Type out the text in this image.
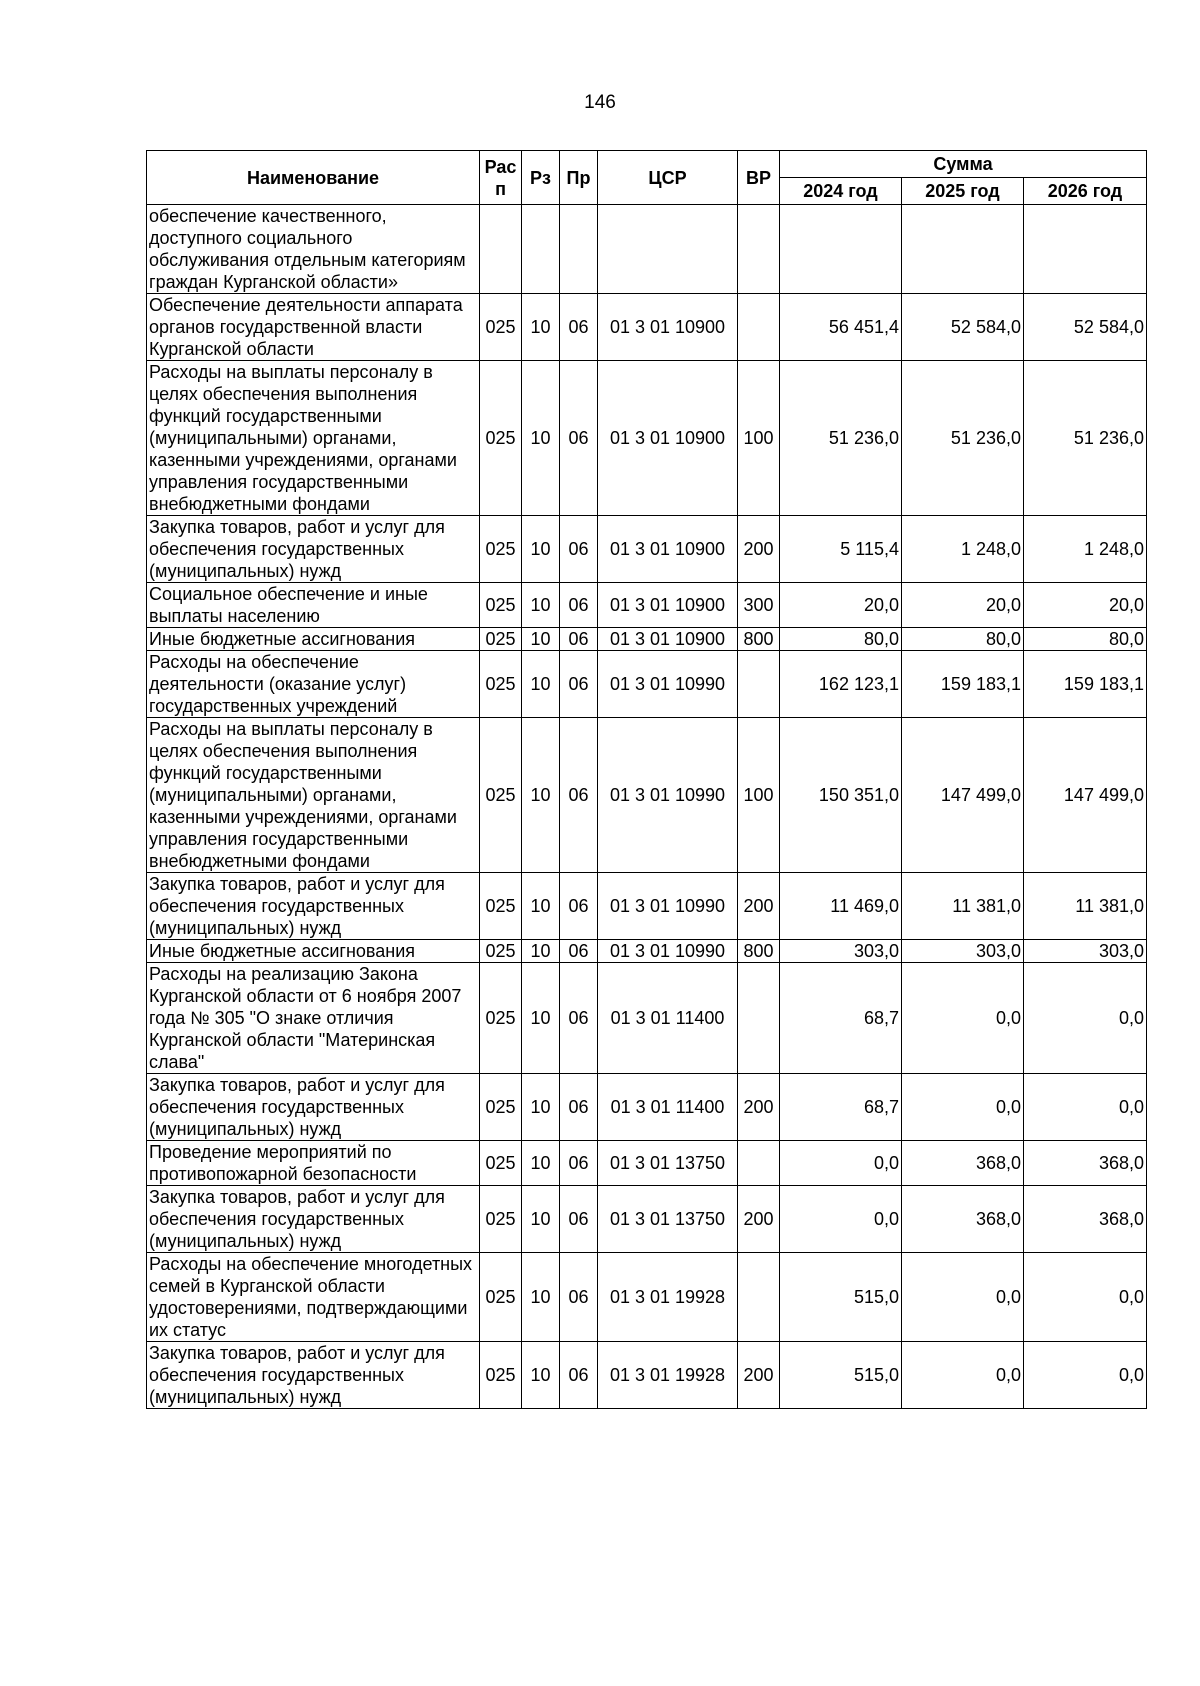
146
Наименование	Рас п	Рз	Пр	ЦСР	ВР	Сумма		
						2024 год	2025 год	2026 год
обеспечение качественного, доступного социального обслуживания отдельным категориям граждан Курганской области»								
Обеспечение деятельности аппарата органов государственной власти Курганской области	025	10	06	01 3 01 10900		56 451,4	52 584,0	52 584,0
Расходы на выплаты персоналу в целях обеспечения выполнения функций государственными (муниципальными) органами, казенными учреждениями, органами управления государственными внебюджетными фондами	025	10	06	01 3 01 10900	100	51 236,0	51 236,0	51 236,0
Закупка товаров, работ и услуг для обеспечения государственных (муниципальных) нужд	025	10	06	01 3 01 10900	200	5 115,4	1 248,0	1 248,0
Социальное обеспечение и иные выплаты населению	025	10	06	01 3 01 10900	300	20,0	20,0	20,0
Иные бюджетные ассигнования	025	10	06	01 3 01 10900	800	80,0	80,0	80,0
Расходы на обеспечение деятельности (оказание услуг) государственных учреждений	025	10	06	01 3 01 10990		162 123,1	159 183,1	159 183,1
Расходы на выплаты персоналу в целях обеспечения выполнения функций государственными (муниципальными) органами, казенными учреждениями, органами управления государственными внебюджетными фондами	025	10	06	01 3 01 10990	100	150 351,0	147 499,0	147 499,0
Закупка товаров, работ и услуг для обеспечения государственных (муниципальных) нужд	025	10	06	01 3 01 10990	200	11 469,0	11 381,0	11 381,0
Иные бюджетные ассигнования	025	10	06	01 3 01 10990	800	303,0	303,0	303,0
Расходы на реализацию Закона Курганской области от 6 ноября 2007 года № 305 "О знаке отличия Курганской области "Материнская слава"	025	10	06	01 3 01 11400		68,7	0,0	0,0
Закупка товаров, работ и услуг для обеспечения государственных (муниципальных) нужд	025	10	06	01 3 01 11400	200	68,7	0,0	0,0
Проведение мероприятий по противопожарной безопасности	025	10	06	01 3 01 13750		0,0	368,0	368,0
Закупка товаров, работ и услуг для обеспечения государственных (муниципальных) нужд	025	10	06	01 3 01 13750	200	0,0	368,0	368,0
Расходы на обеспечение многодетных семей в Курганской области удостоверениями, подтверждающими их статус	025	10	06	01 3 01 19928		515,0	0,0	0,0
Закупка товаров, работ и услуг для обеспечения государственных (муниципальных) нужд	025	10	06	01 3 01 19928	200	515,0	0,0	0,0
